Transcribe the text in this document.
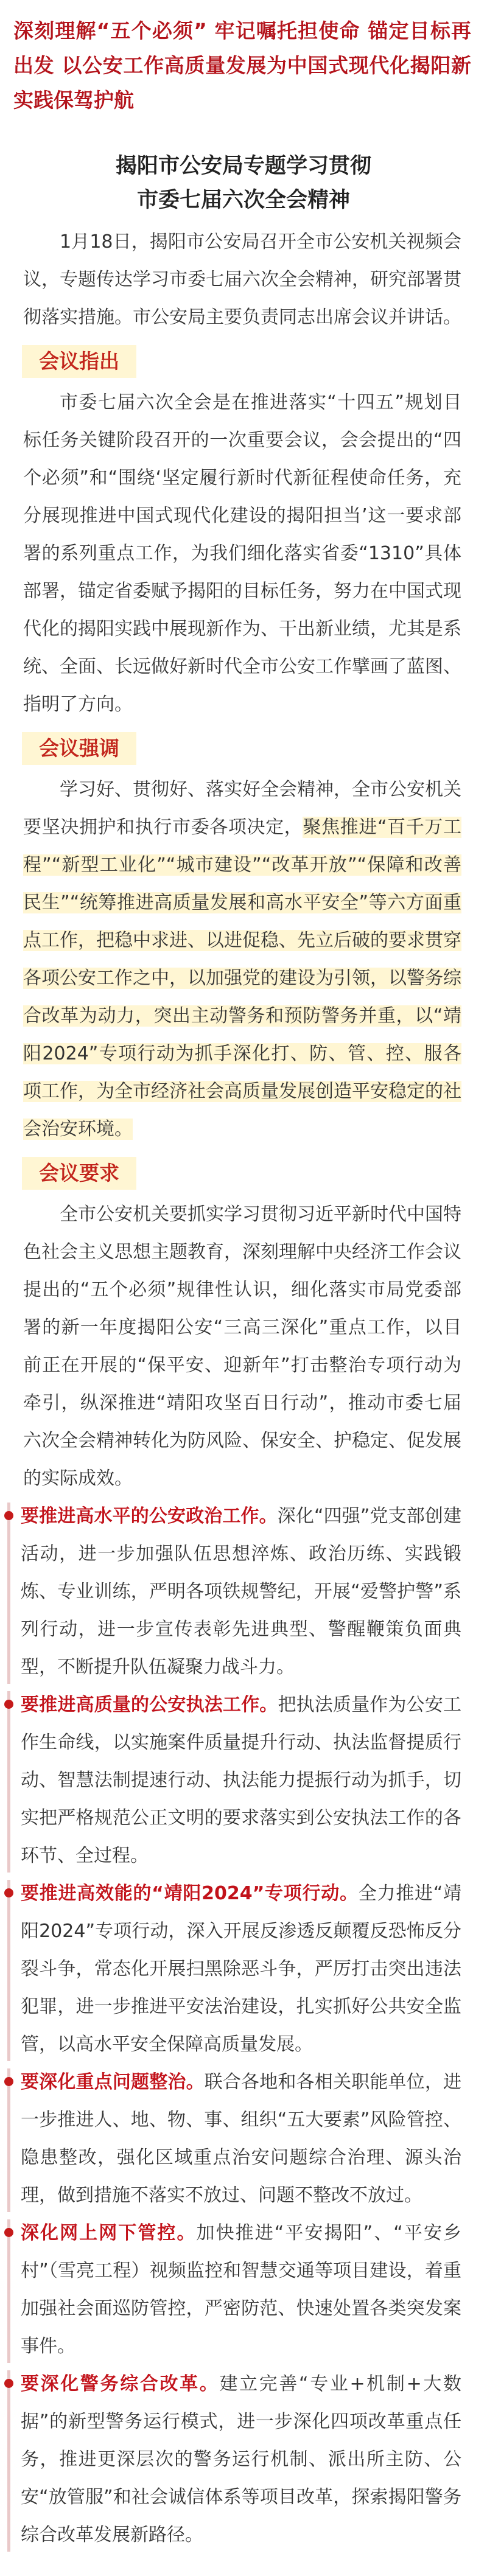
深刻理解“五个必须” 牢记嘱托担使命 锚定目标再出发 以公安工作高质量发展为中国式现代化揭阳新实践保驾护航

揭阳市公安局专题学习贯彻

市委七届六次全会精神

1月18日，揭阳市公安局召开全市公安机关视频会议，专题传达学习市委七届六次全会精神，研究部署贯彻落实措施。市公安局主要负责同志出席会议并讲话。

会议指出

市委七届六次全会是在推进落实“十四五”规划目标任务关键阶段召开的一次重要会议，会会提出的“四个必须”和“围绕‘坚定履行新时代新征程使命任务，充分展现推进中国式现代化建设的揭阳担当’这一要求部署的系列重点工作，为我们细化落实省委“1310”具体部署，锚定省委赋予揭阳的目标任务，努力在中国式现代化的揭阳实践中展现新作为、干出新业绩，尤其是系统、全面、长远做好新时代全市公安工作擘画了蓝图、指明了方向。

会议强调

学习好、贯彻好、落实好全会精神，全市公安机关要坚决拥护和执行市委各项决定，聚焦推进“百千万工程”“新型工业化”“城市建设”“改革开放”“保障和改善民生”“统筹推进高质量发展和高水平安全”等六方面重点工作，把稳中求进、以进促稳、先立后破的要求贯穿各项公安工作之中，以加强党的建设为引领，以警务综合改革为动力，突出主动警务和预防警务并重，以“靖阳2024”专项行动为抓手深化打、防、管、控、服各项工作，为全市经济社会高质量发展创造平安稳定的社会治安环境。

会议要求

全市公安机关要抓实学习贯彻习近平新时代中国特色社会主义思想主题教育，深刻理解中央经济工作会议提出的“五个必须”规律性认识，细化落实市局党委部署的新一年度揭阳公安“三高三深化”重点工作，以目前正在开展的“保平安、迎新年”打击整治专项行动为牵引，纵深推进“靖阳攻坚百日行动”，推动市委七届六次全会精神转化为防风险、保安全、护稳定、促发展的实际成效。

要推进高水平的公安政治工作。深化“四强”党支部创建活动，进一步加强队伍思想淬炼、政治历练、实践锻炼、专业训练，严明各项铁规警纪，开展“爱警护警”系列行动，进一步宣传表彰先进典型、警醒鞭策负面典型，不断提升队伍凝聚力战斗力。
要推进高质量的公安执法工作。把执法质量作为公安工作生命线，以实施案件质量提升行动、执法监督提质行动、智慧法制提速行动、执法能力提振行动为抓手，切实把严格规范公正文明的要求落实到公安执法工作的各环节、全过程。
要推进高效能的“靖阳2024”专项行动。全力推进“靖阳2024”专项行动，深入开展反渗透反颠覆反恐怖反分裂斗争，常态化开展扫黑除恶斗争，严厉打击突出违法犯罪，进一步推进平安法治建设，扎实抓好公共安全监管，以高水平安全保障高质量发展。
要深化重点问题整治。联合各地和各相关职能单位，进一步推进人、地、物、事、组织“五大要素”风险管控、隐患整改，强化区域重点治安问题综合治理、源头治理，做到措施不落实不放过、问题不整改不放过。
深化网上网下管控。加快推进“平安揭阳”、“平安乡村”（雪亮工程）视频监控和智慧交通等项目建设，着重加强社会面巡防管控，严密防范、快速处置各类突发案事件。
要深化警务综合改革。建立完善“专业+机制+大数据”的新型警务运行模式，进一步深化四项改革重点任务，推进更深层次的警务运行机制、派出所主防、公安“放管服”和社会诚信体系等项目改革，探索揭阳警务综合改革发展新路径。
